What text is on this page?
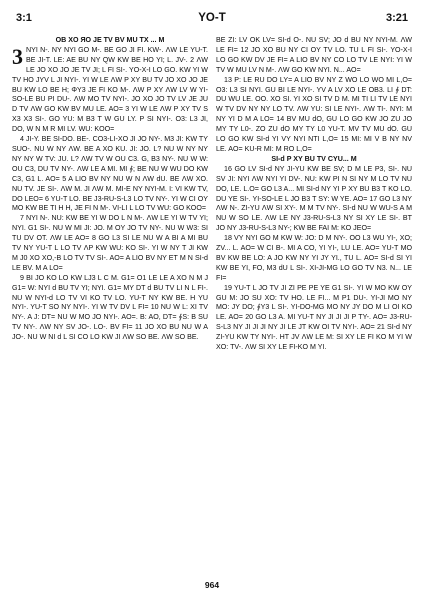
3:1	YO-T	3:21

OB XO ЯO JE TV BV MU TX ... M

3 NYI N-. NY NYI GO M-. BE GO JI FI. KW-. ΛW LE YU-T. BE JI-T. LE: AE BU NY QW KW BE HO YI; L. JV-. 2 ΛW LE JO XO JO JE TV JI; L FI SI-. YO-X-I LO GO. KW YI W TV HO JYV L JI NYI-. YI W LE ΛW P XY BU TV JO XO JO JE BU KW LO BE H; ΦY3 JE FI KO M-. ΛW P XY ΛW LV W YI-SO-LE BU PI DU-. ΛW MO TV NYI-. JO XO JO TV LV JE JU D TV ΛW GO KW BV MU LE. AO= 3 YI W LE ΛW P XY TV S X3 X3 SI-. GO YU: M B3 T W GU LY. P SI NYI-. O3: L3 JI, DO, W N M R MI LV. WU: KOO=

4 JI-Y. BE SI-DO. BE-. CO3-LI-XO JI JO NY-. M3 JI: KW TY SUO-. NU W NY ΛW. BE A XO KU. JI: JO. L? NU W NY NY NY NY W TV: JU. L? ΛW TV W OU C3. G, B3 NY-. NU W W: OU C3, DU TV NY-. ΛW LE A MI. MI ∮; BE NU W WU DO KW C3, G1 L. AO= 5 A LIO BV NY NU W N ΛW dU. BE ΛW XO. NU TV. JE SI-. ΛW M. JI ΛW M. MI-E NY NYI-M. I: VI KW TV, DO LEO= 6 YU-T LO. BE J3-RU-S-L3 LO TV NY-. YI W CI OY MO KW BE TI H H, JE FI N M-. VI-LI L LO TV WU: GO KOO=

7 NYI N-. NU: KW BE YI W DO L N M-. ΛW LE YI W TV YI; NYI. G1 SI-. NU W MI JI: JO. M OY JO TV NY-. NU W W3: SI TU DV OT. ΛW LE AO= 8 GO L3 SI LE NU W A BI A MI BU TV NY YU-T L LO TV ΛP KW WU: KO SI-. YI W NY T JI KW M J0 XO XO,-B LO TV TV SI-. AO= A LIO BV NY ET M N SI-d LE BV. M A LO=

9 BI JO KO LO KW LJ3 L C M. G1= O1 LE LE A XO N M J G1= W: NYI d BU TV YI; NYI. G1= MY DT d BU TV LI N L FI-. NU W NYI-d LO TV VI KO TV LO. YU-T NY KW BE. H YU NYI-. YU-T SO NY NYI-. YI W TV DV L FI= 10 NU W L: XI TV NY-. A J: DT= NU W MO JO NYI-. AO=. B: AO, DT= ∮S: B SU TV NY-. ΛW NY SV JO-. LO-. BV FI= 11 JO XO BU NU W A JO-. NU W NI d L SI CO LO KW JI ΛW SO BE. ΛW SO BE.

BE ZI: LV OK LV= SI-d O-. NU SV; JO d BU NY NYI-M. ΛW LE FI= 12 JO XO BU NY CI OY TV LO. TU L FI SI-. YO-X-I LO GO KW DV JE FI= A LIO BV NY CO LO TV LE NYI: YI W TV W MU LV N M-. ΛW GO KW NYI. N... AO=

13 P: LE RU DO LY= A LIO BV NY Z WO LO WO MI L,O= O3: L3 SI NYI. GU BI LE NYI-. YV A LV XO LE OB3. LI ∮ DT: DU WU LE. OO. XO SI. YI XO SI TV D M. MI TI LI TV LE NYI W TV DV NY NY LO TV. ΛW YU: SI LE NYI-. ΛW TI-. NYI: M NY YI D M A LO= 14 BV MU dO, GU LO GO KW JO ZU JO MY TY L0-. ZO ZU dO MY TY L0 YU-T. MV TV MU dO. GU LO GO KW SI-d YI VY NYI NTI L,O= 15 MI: MI V B NY NV LE. AO= KU-R MI: M RO L,O=

SI-d P XY BU TV CYU... M

16 GO LV SI-d NY JI-YU KW BE SV; D M LE P3, SI-. NU SV JI: NYI ΛW NYI YI DV-. NU: KW PI N SI NY M LO TV NU DO, LE. L.O= GO L3 A... MI SI-d NY YI P XY BU B3 T KO LO. DU YE SI-. YI-SO-LE L JO B3 T SY: W YE. AO= 17 GO L3 NY ΛW N-. ZI-YU ΛW SI XY-. M M TV NY-. SI-d NU W WU-S A M NU W SO LE. ΛW LE NY J3-RU-S-L3 NY SI XY LE SI-. BT JO NY J3-RU-S-L3 NY-; KW BE FAI M: KO JEO=

18 VY NYI GO M KW W: JO: D M NY-. OO L3 WU YI-, XO; ZV... L. AO= W CI B-. MI A CO, YI YI-, LU LE. AO= YU-T MO BV KW BE LO: A JO KW NY YI JY YI., TU L. AO= SI-d SI YI KW BE YI, FO, M3 dU L SI-. XI-JI-MG LO GO TV N3. N... LE FI=

19 YU-T L JO TV JI ZI PE PE YE G1 SI-. YI W MO KW OY GU M: JO SU XO: TV HO. LE FI... M P1 DU-. YI-JI MO NY MO: JY DO; ∮Y3 L SI-. YI-DO-MG MO NY JY DO M LI OI KO LE. AO= 20 GO L3 A. MI YU-T NY JI JI JI P TY-. AO= J3-RU-S-L3 NY JI JI JI NY JI LE JT KW OI TV NYI-. AO= 21 SI-d NY ZI-YU KW TY NYI-. HT JV ΛW LE M: SI XY LE FI KO M YI W XO: TV-. ΛW SI XY LE FI-KO M YI.

964
